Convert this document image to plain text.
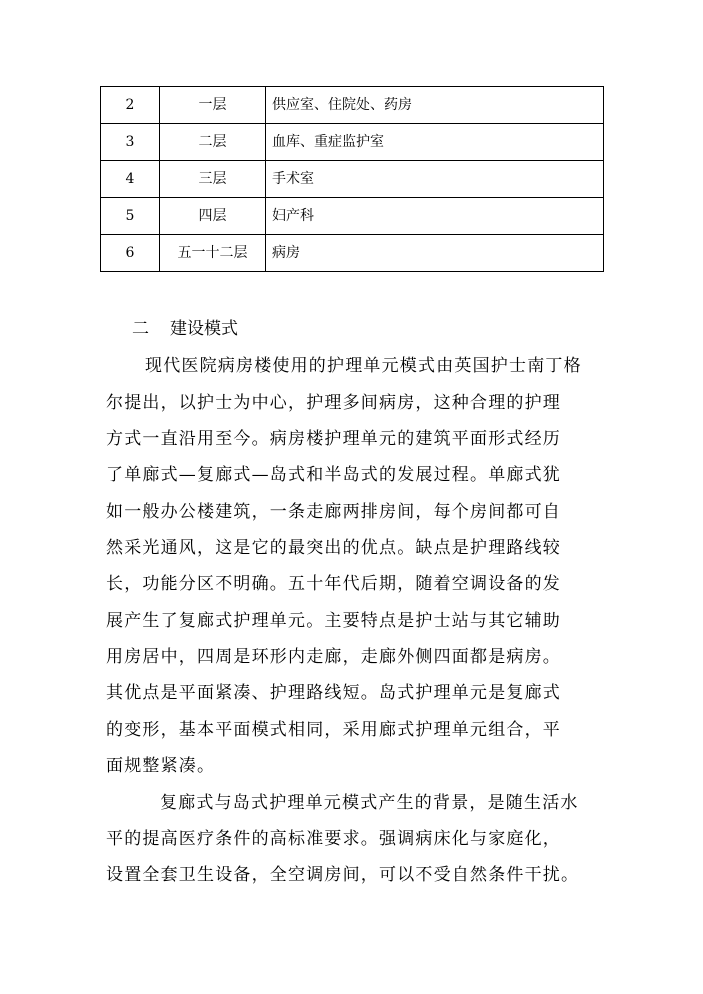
2	一层	供应室、住院处、药房
3	二层	血库、重症监护室
4	三层	手术室
5	四层	妇产科
6	五一十二层	病房
二 建设模式
现代医院病房楼使用的护理单元模式由英国护士南丁格
尔提出，以护士为中心，护理多间病房，这种合理的护理
方式一直沿用至今。病房楼护理单元的建筑平面形式经历
了单廊式—复廊式—岛式和半岛式的发展过程。单廊式犹
如一般办公楼建筑，一条走廊两排房间，每个房间都可自
然采光通风，这是它的最突出的优点。缺点是护理路线较
长，功能分区不明确。五十年代后期，随着空调设备的发
展产生了复廊式护理单元。主要特点是护士站与其它辅助
用房居中，四周是环形内走廊，走廊外侧四面都是病房。
其优点是平面紧凑、护理路线短。岛式护理单元是复廊式
的变形，基本平面模式相同，采用廊式护理单元组合，平
面规整紧凑。
复廊式与岛式护理单元模式产生的背景，是随生活水
平的提高医疗条件的高标准要求。强调病床化与家庭化，
设置全套卫生设备，全空调房间，可以不受自然条件干扰。
